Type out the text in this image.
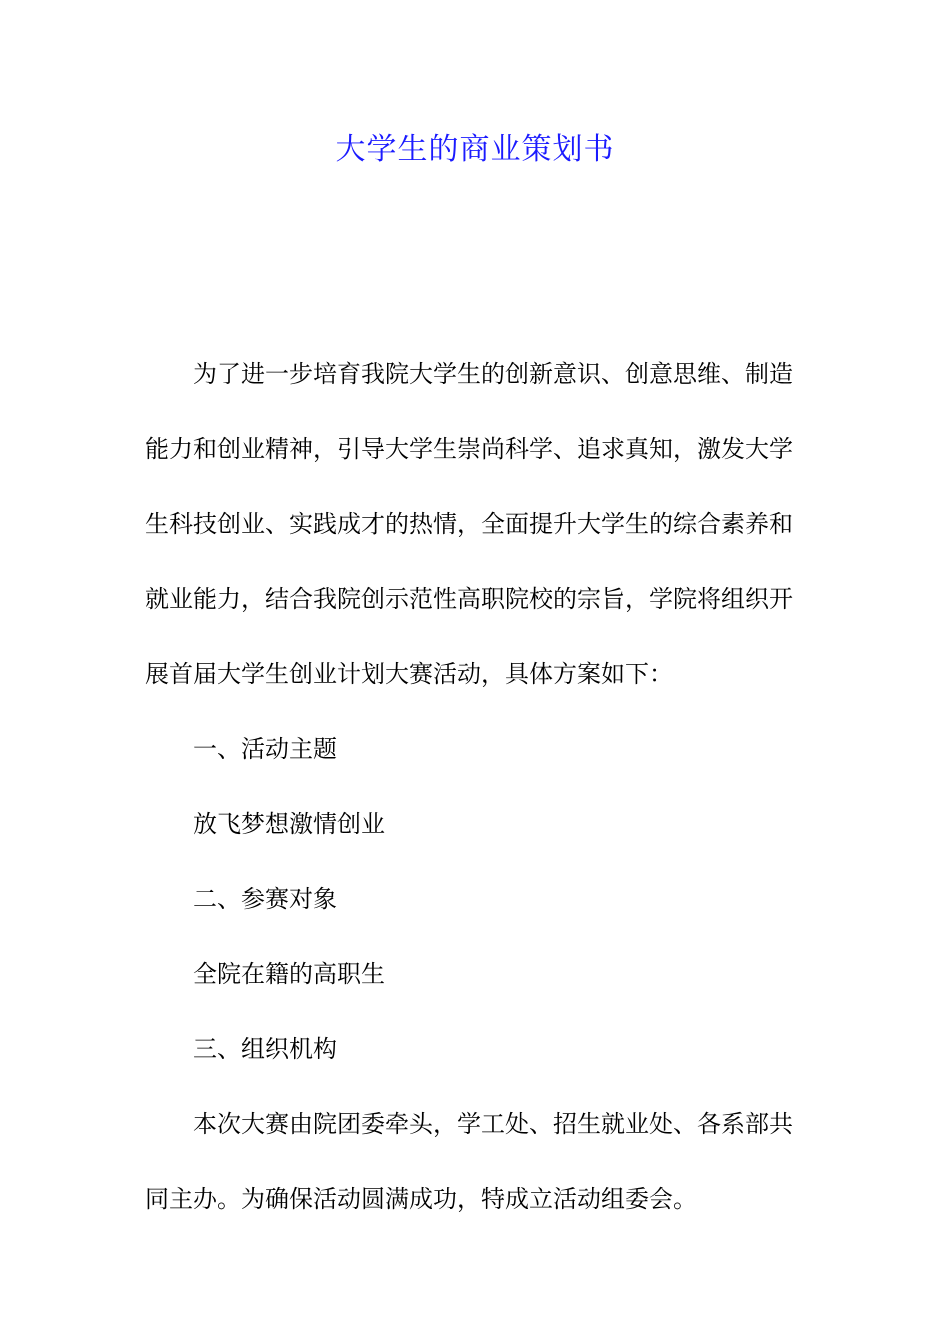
大学生的商业策划书
为了进一步培育我院大学生的创新意识、创意思维、制造
能力和创业精神，引导大学生崇尚科学、追求真知，激发大学
生科技创业、实践成才的热情，全面提升大学生的综合素养和
就业能力，结合我院创示范性高职院校的宗旨，学院将组织开
展首届大学生创业计划大赛活动，具体方案如下：
一、活动主题
放飞梦想激情创业
二、参赛对象
全院在籍的高职生
三、组织机构
本次大赛由院团委牵头，学工处、招生就业处、各系部共
同主办。为确保活动圆满成功，特成立活动组委会。
